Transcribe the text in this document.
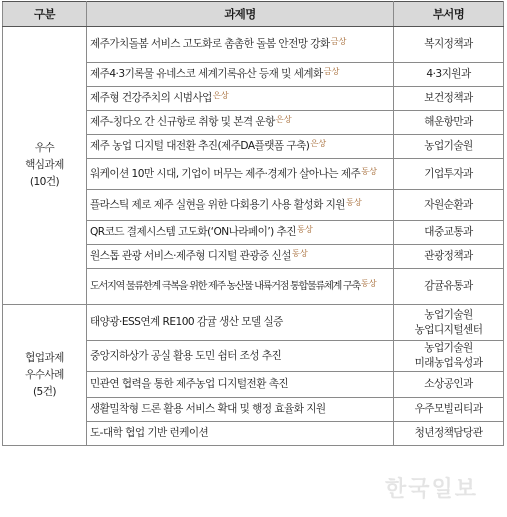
구분	과제명	부서명

우수
핵심과제
(10건)	제주가치돌봄 서비스 고도화로 촘촘한 돌봄 안전망 강화$^{금상}$	복지정책과

	제주4·3기록물 유네스코 세계기록유산 등재 및 세계화$^{금상}$	4·3지원과

	제주형 건강주치의 시범사업$^{은상}$	보건정책과

	제주-칭다오 간 신규항로 취항 및 본격 운항$^{은상}$	해운항만과

	제주 농업 디지털 대전환 추진(제주DA플랫폼 구축)$^{은상}$	농업기술원

	워케이션 10만 시대, 기업이 머무는 제주·경제가 살아나는 제주$^{동상}$	기업투자과

	플라스틱 제로 제주 실현을 위한 다회용기 사용 활성화 지원$^{동상}$	자원순환과

	QR코드 결제시스템 고도화(‘ON나라페이’) 추진$^{동상}$	대중교통과

	원스톱 관광 서비스·제주형 디지털 관광증 신설$^{동상}$	관광정책과

	도서지역 물류한계 극복을 위한 제주 농산물 내륙거점 통합물류체계 구축$^{동상}$	감귤유통과

협업과제
우수사례
(5건)	태양광·ESS연계 RE100 감귤 생산 모델 실증	농업기술원
농업디지털센터

	중앙지하상가 공실 활용 도민 쉼터 조성 추진	농업기술원
미래농업육성과

	민관연 협력을 통한 제주농업 디지털전환 촉진	소상공인과

	생활밀착형 드론 활용 서비스 확대 및 행정 효율화 지원	우주모빌리티과

	도-대학 협업 기반 런케이션	청년정책담당관
한국일보
